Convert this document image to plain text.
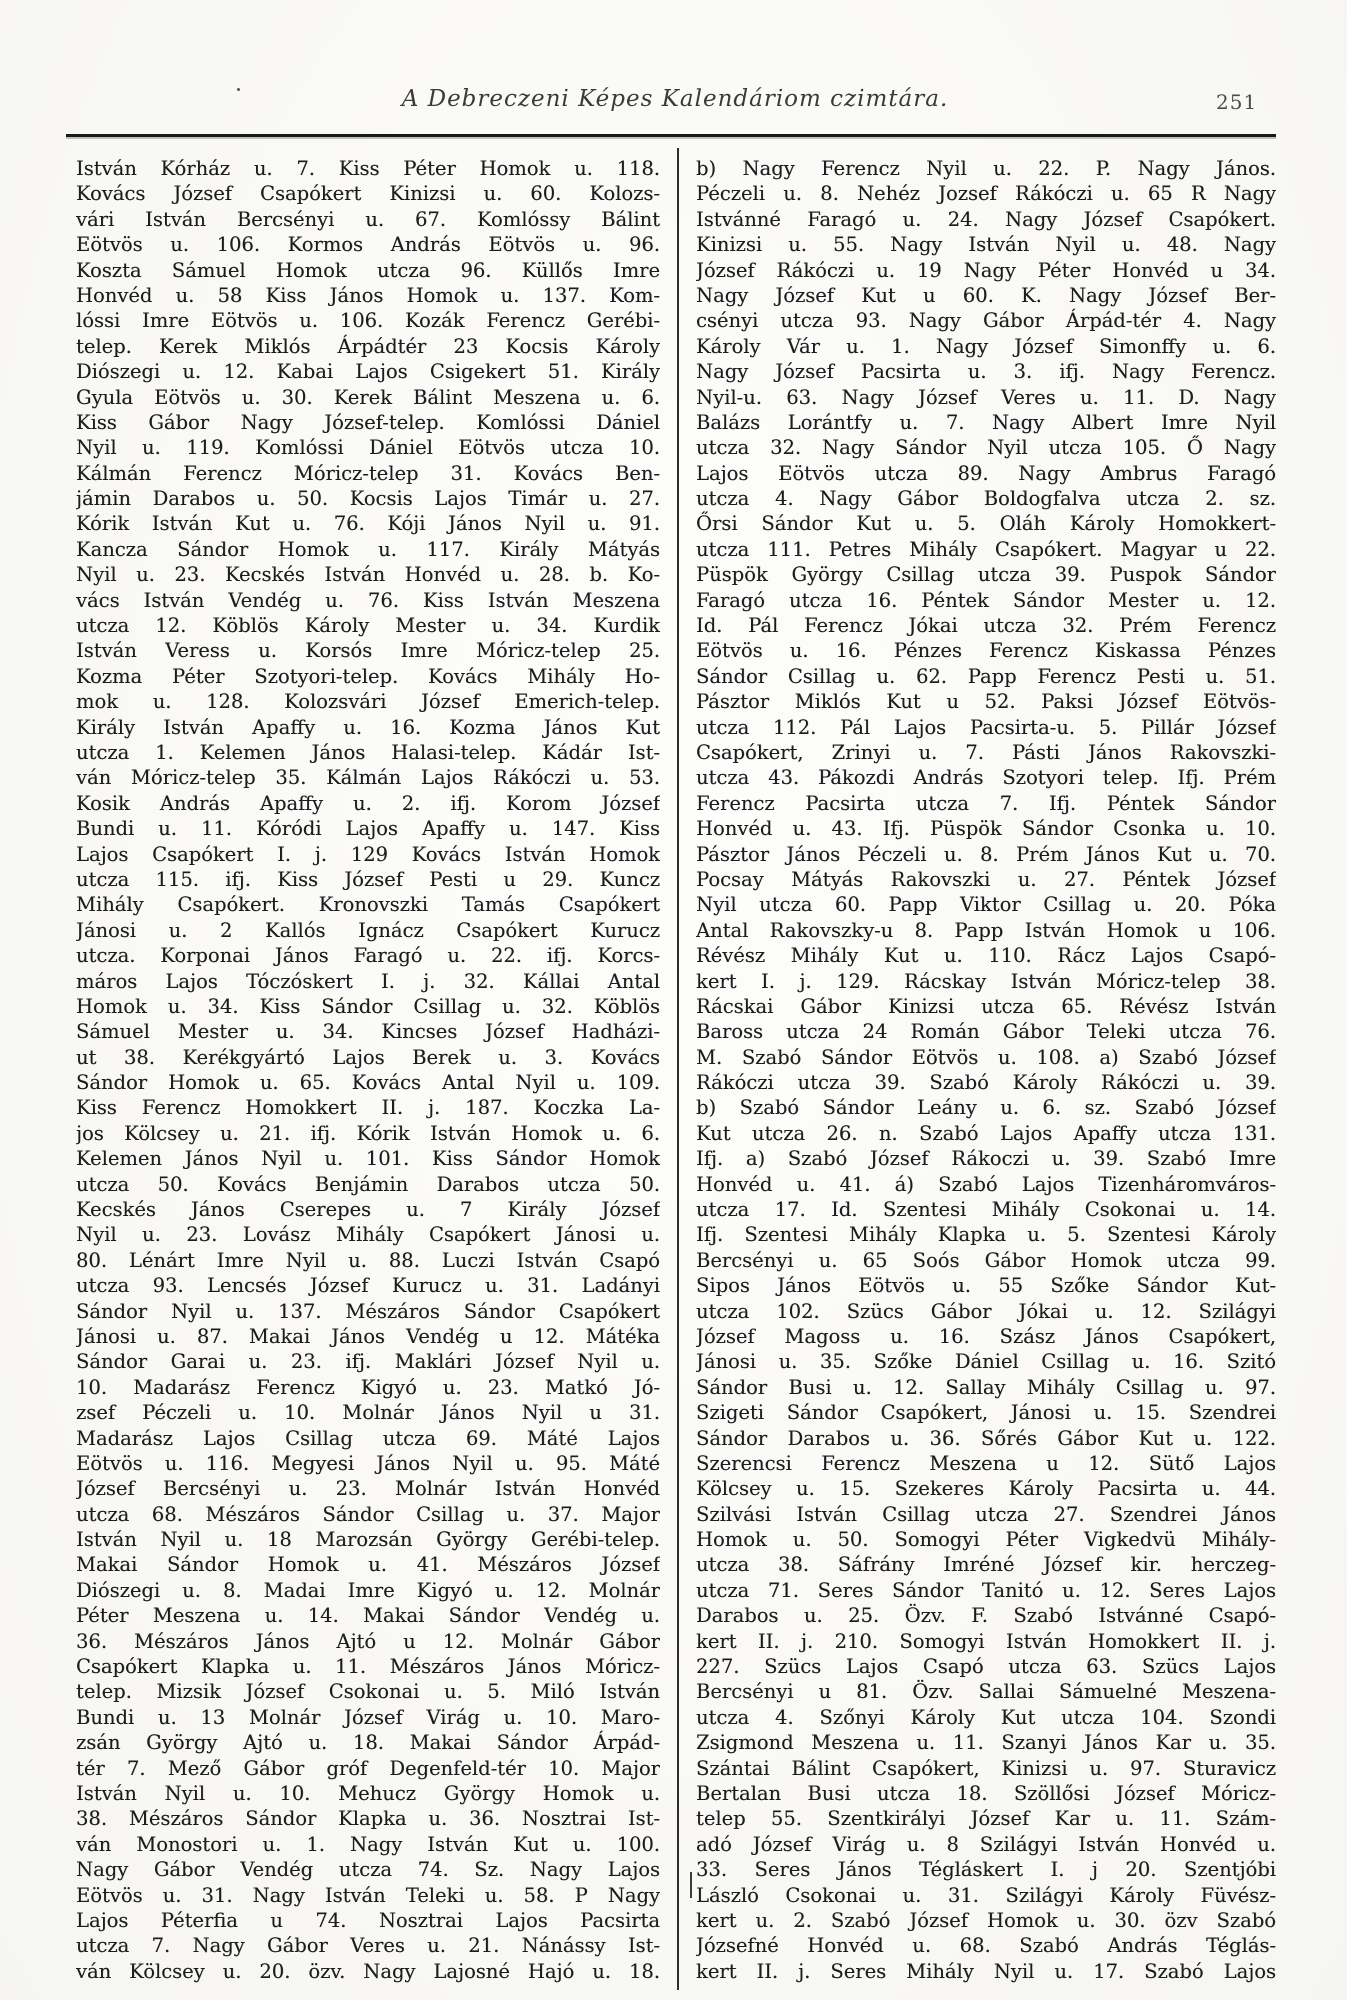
A Debreczeni Képes Kalendáriom czimtára.	251
István Kórház u. 7. Kiss Péter Homok u. 118.
Kovács József Csapókert Kinizsi u. 60. Kolozs-
vári István Bercsényi u. 67. Komlóssy Bálint
Eötvös u. 106. Kormos András Eötvös u. 96.
Koszta Sámuel Homok utcza 96. Küllős Imre
Honvéd u. 58 Kiss János Homok u. 137. Kom-
lóssi Imre Eötvös u. 106. Kozák Ferencz Gerébi-
telep. Kerek Miklós Árpádtér 23 Kocsis Károly
Diószegi u. 12. Kabai Lajos Csigekert 51. Király
Gyula Eötvös u. 30. Kerek Bálint Meszena u. 6.
Kiss Gábor Nagy József-telep. Komlóssi Dániel
Nyil u. 119. Komlóssi Dániel Eötvös utcza 10.
Kálmán Ferencz Móricz-telep 31. Kovács Ben-
jámin Darabos u. 50. Kocsis Lajos Timár u. 27.
Kórik István Kut u. 76. Kóji János Nyil u. 91.
Kancza Sándor Homok u. 117. Király Mátyás
Nyil u. 23. Kecskés István Honvéd u. 28. b. Ko-
vács István Vendég u. 76. Kiss István Meszena
utcza 12. Köblös Károly Mester u. 34. Kurdik
István Veress u. Korsós Imre Móricz-telep 25.
Kozma Péter Szotyori-telep. Kovács Mihály Ho-
mok u. 128. Kolozsvári József Emerich-telep.
Király István Apaffy u. 16. Kozma János Kut
utcza 1. Kelemen János Halasi-telep. Kádár Ist-
ván Móricz-telep 35. Kálmán Lajos Rákóczi u. 53.
Kosik András Apaffy u. 2. ifj. Korom József
Bundi u. 11. Kóródi Lajos Apaffy u. 147. Kiss
Lajos Csapókert I. j. 129 Kovács István Homok
utcza 115. ifj. Kiss József Pesti u 29. Kuncz
Mihály Csapókert. Kronovszki Tamás Csapókert
Jánosi u. 2 Kallós Ignácz Csapókert Kurucz
utcza. Korponai János Faragó u. 22. ifj. Korcs-
máros Lajos Tóczóskert I. j. 32. Kállai Antal
Homok u. 34. Kiss Sándor Csillag u. 32. Köblös
Sámuel Mester u. 34. Kincses József Hadházi-
ut 38. Kerékgyártó Lajos Berek u. 3. Kovács
Sándor Homok u. 65. Kovács Antal Nyil u. 109.
Kiss Ferencz Homokkert II. j. 187. Koczka La-
jos Kölcsey u. 21. ifj. Kórik István Homok u. 6.
Kelemen János Nyil u. 101. Kiss Sándor Homok
utcza 50. Kovács Benjámin Darabos utcza 50.
Kecskés János Cserepes u. 7 Király József
Nyil u. 23. Lovász Mihály Csapókert Jánosi u.
80. Lénárt Imre Nyil u. 88. Luczi István Csapó
utcza 93. Lencsés József Kurucz u. 31. Ladányi
Sándor Nyil u. 137. Mészáros Sándor Csapókert
Jánosi u. 87. Makai János Vendég u 12. Mátéka
Sándor Garai u. 23. ifj. Maklári József Nyil u.
10. Madarász Ferencz Kigyó u. 23. Matkó Jó-
zsef Péczeli u. 10. Molnár János Nyil u 31.
Madarász Lajos Csillag utcza 69. Máté Lajos
Eötvös u. 116. Megyesi János Nyil u. 95. Máté
József Bercsényi u. 23. Molnár István Honvéd
utcza 68. Mészáros Sándor Csillag u. 37. Major
István Nyil u. 18 Marozsán György Gerébi-telep.
Makai Sándor Homok u. 41. Mészáros József
Diószegi u. 8. Madai Imre Kigyó u. 12. Molnár
Péter Meszena u. 14. Makai Sándor Vendég u.
36. Mészáros János Ajtó u 12. Molnár Gábor
Csapókert Klapka u. 11. Mészáros János Móricz-
telep. Mizsik József Csokonai u. 5. Miló István
Bundi u. 13 Molnár József Virág u. 10. Maro-
zsán György Ajtó u. 18. Makai Sándor Árpád-
tér 7. Mező Gábor gróf Degenfeld-tér 10. Major
István Nyil u. 10. Mehucz György Homok u.
38. Mészáros Sándor Klapka u. 36. Nosztrai Ist-
ván Monostori u. 1. Nagy István Kut u. 100.
Nagy Gábor Vendég utcza 74. Sz. Nagy Lajos
Eötvös u. 31. Nagy István Teleki u. 58. P Nagy
Lajos Péterfia u 74. Nosztrai Lajos Pacsirta
utcza 7. Nagy Gábor Veres u. 21. Nánássy Ist-
ván Kölcsey u. 20. özv. Nagy Lajosné Hajó u. 18.
b) Nagy Ferencz Nyil u. 22. P. Nagy János.
Péczeli u. 8. Nehéz Jozsef Rákóczi u. 65 R Nagy
Istvánné Faragó u. 24. Nagy József Csapókert.
Kinizsi u. 55. Nagy István Nyil u. 48. Nagy
József Rákóczi u. 19 Nagy Péter Honvéd u 34.
Nagy József Kut u 60. K. Nagy József Ber-
csényi utcza 93. Nagy Gábor Árpád-tér 4. Nagy
Károly Vár u. 1. Nagy József Simonffy u. 6.
Nagy József Pacsirta u. 3. ifj. Nagy Ferencz.
Nyil-u. 63. Nagy József Veres u. 11. D. Nagy
Balázs Lorántfy u. 7. Nagy Albert Imre Nyil
utcza 32. Nagy Sándor Nyil utcza 105. Ő Nagy
Lajos Eötvös utcza 89. Nagy Ambrus Faragó
utcza 4. Nagy Gábor Boldogfalva utcza 2. sz.
Őrsi Sándor Kut u. 5. Oláh Károly Homokkert-
utcza 111. Petres Mihály Csapókert. Magyar u 22.
Püspök György Csillag utcza 39. Puspok Sándor
Faragó utcza 16. Péntek Sándor Mester u. 12.
Id. Pál Ferencz Jókai utcza 32. Prém Ferencz
Eötvös u. 16. Pénzes Ferencz Kiskassa Pénzes
Sándor Csillag u. 62. Papp Ferencz Pesti u. 51.
Pásztor Miklós Kut u 52. Paksi József Eötvös-
utcza 112. Pál Lajos Pacsirta-u. 5. Pillár József
Csapókert, Zrinyi u. 7. Pásti János Rakovszki-
utcza 43. Pákozdi András Szotyori telep. Ifj. Prém
Ferencz Pacsirta utcza 7. Ifj. Péntek Sándor
Honvéd u. 43. Ifj. Püspök Sándor Csonka u. 10.
Pásztor János Péczeli u. 8. Prém János Kut u. 70.
Pocsay Mátyás Rakovszki u. 27. Péntek József
Nyil utcza 60. Papp Viktor Csillag u. 20. Póka
Antal Rakovszky-u 8. Papp István Homok u 106.
Révész Mihály Kut u. 110. Rácz Lajos Csapó-
kert I. j. 129. Rácskay István Móricz-telep 38.
Rácskai Gábor Kinizsi utcza 65. Révész István
Baross utcza 24 Román Gábor Teleki utcza 76.
M. Szabó Sándor Eötvös u. 108. a) Szabó József
Rákóczi utcza 39. Szabó Károly Rákóczi u. 39.
b) Szabó Sándor Leány u. 6. sz. Szabó József
Kut utcza 26. n. Szabó Lajos Apaffy utcza 131.
Ifj. a) Szabó József Rákoczi u. 39. Szabó Imre
Honvéd u. 41. á) Szabó Lajos Tizenháromváros-
utcza 17. Id. Szentesi Mihály Csokonai u. 14.
Ifj. Szentesi Mihály Klapka u. 5. Szentesi Károly
Bercsényi u. 65 Soós Gábor Homok utcza 99.
Sipos János Eötvös u. 55 Szőke Sándor Kut-
utcza 102. Szücs Gábor Jókai u. 12. Szilágyi
József Magoss u. 16. Szász János Csapókert,
Jánosi u. 35. Szőke Dániel Csillag u. 16. Szitó
Sándor Busi u. 12. Sallay Mihály Csillag u. 97.
Szigeti Sándor Csapókert, Jánosi u. 15. Szendrei
Sándor Darabos u. 36. Sőrés Gábor Kut u. 122.
Szerencsi Ferencz Meszena u 12. Sütő Lajos
Kölcsey u. 15. Szekeres Károly Pacsirta u. 44.
Szilvási István Csillag utcza 27. Szendrei János
Homok u. 50. Somogyi Péter Vigkedvü Mihály-
utcza 38. Sáfrány Imréné József kir. herczeg-
utcza 71. Seres Sándor Tanitó u. 12. Seres Lajos
Darabos u. 25. Özv. F. Szabó Istvánné Csapó-
kert II. j. 210. Somogyi István Homokkert II. j.
227. Szücs Lajos Csapó utcza 63. Szücs Lajos
Bercsényi u 81. Özv. Sallai Sámuelné Meszena-
utcza 4. Szőnyi Károly Kut utcza 104. Szondi
Zsigmond Meszena u. 11. Szanyi János Kar u. 35.
Szántai Bálint Csapókert, Kinizsi u. 97. Sturavicz
Bertalan Busi utcza 18. Szöllősi József Móricz-
telep 55. Szentkirályi József Kar u. 11. Szám-
adó József Virág u. 8 Szilágyi István Honvéd u.
33. Seres János Tégláskert I. j 20. Szentjóbi
László Csokonai u. 31. Szilágyi Károly Füvész-
kert u. 2. Szabó József Homok u. 30. özv Szabó
Józsefné Honvéd u. 68. Szabó András Téglás-
kert II. j. Seres Mihály Nyil u. 17. Szabó Lajos
